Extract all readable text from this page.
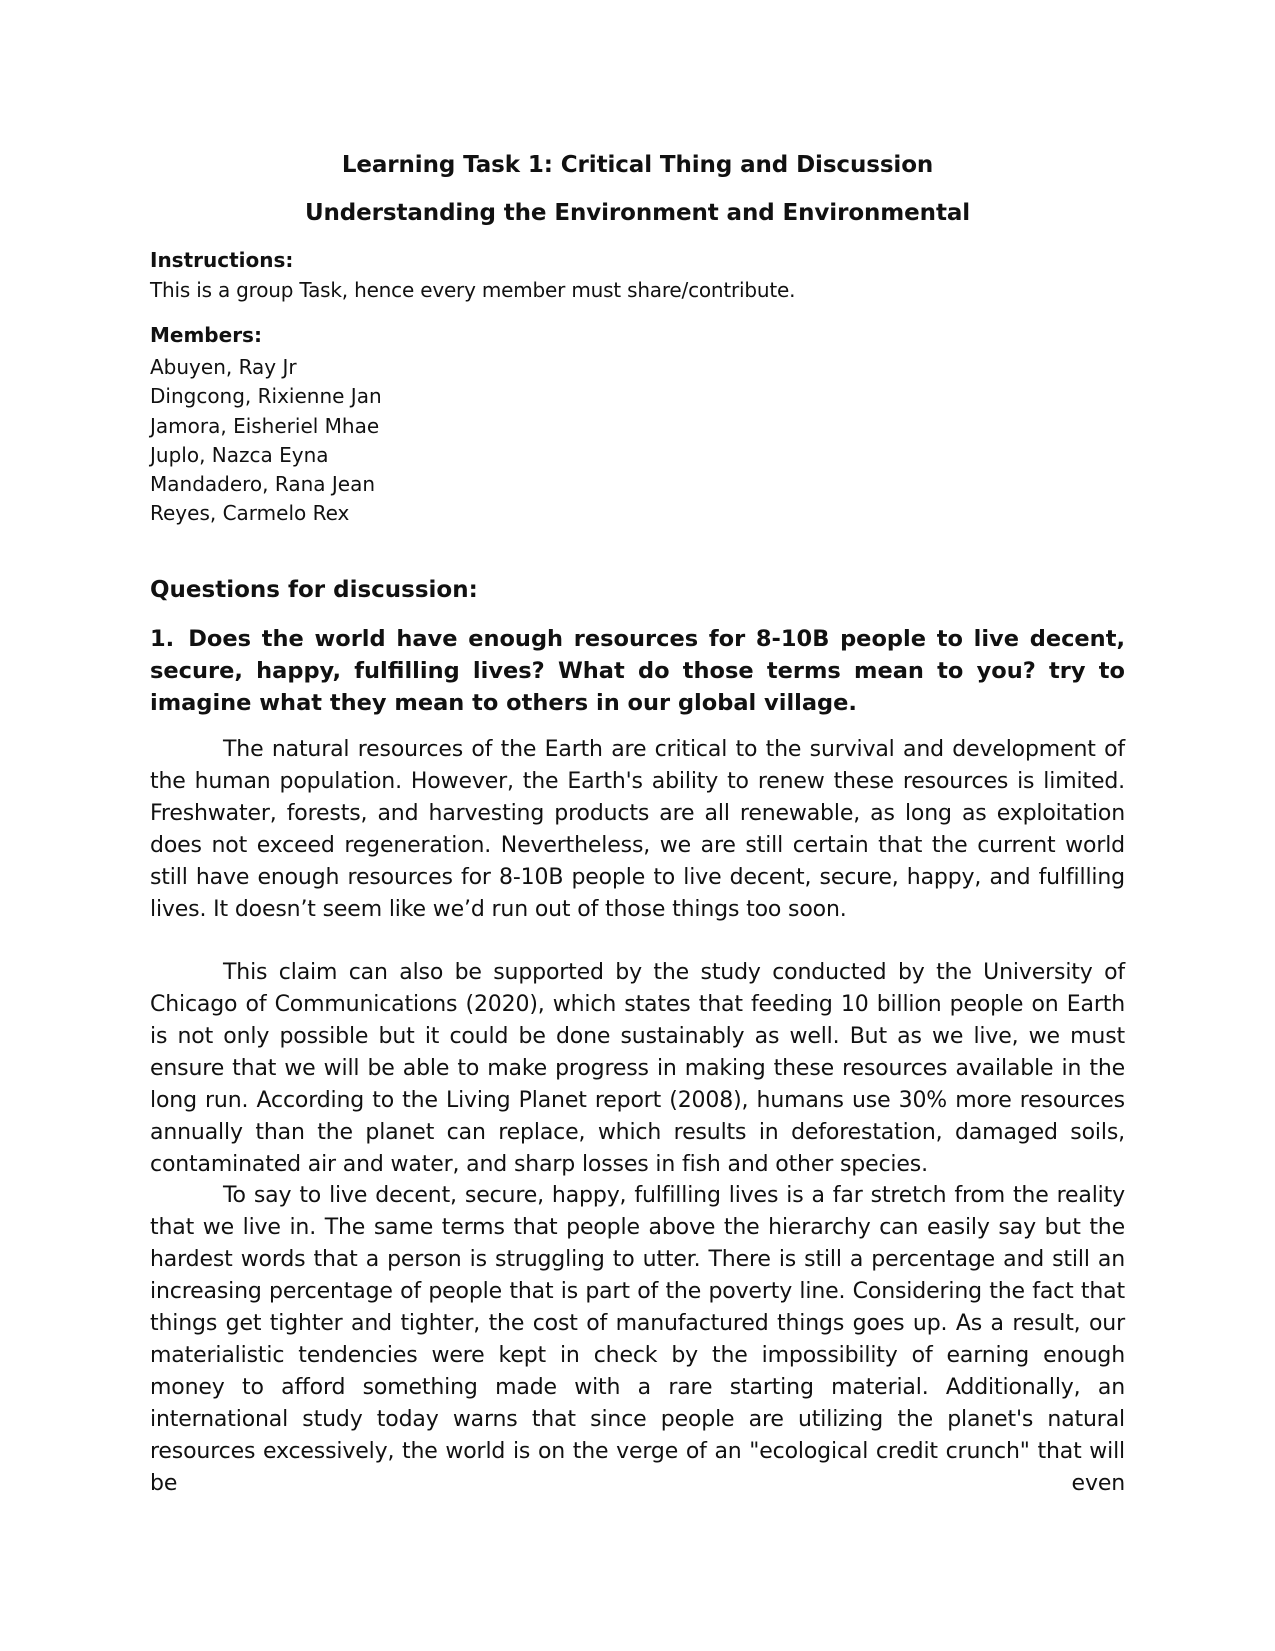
Learning Task 1: Critical Thing and Discussion
Understanding the Environment and Environmental

Instructions:

This is a group Task, hence every member must share/contribute.

Members:

Abuyen, Ray Jr
Dingcong, Rixienne Jan
Jamora, Eisheriel Mhae
Juplo, Nazca Eyna
Mandadero, Rana Jean
Reyes, Carmelo Rex
Questions for discussion:

1. Does the world have enough resources for 8-10B people to live decent, secure, happy, fulfilling lives? What do those terms mean to you? try to imagine what they mean to others in our global village.

The natural resources of the Earth are critical to the survival and development of the human population. However, the Earth's ability to renew these resources is limited. Freshwater, forests, and harvesting products are all renewable, as long as exploitation does not exceed regeneration. Nevertheless, we are still certain that the current world still have enough resources for 8-10B people to live decent, secure, happy, and fulfilling lives. It doesn’t seem like we’d run out of those things too soon.

This claim can also be supported by the study conducted by the University of Chicago of Communications (2020), which states that feeding 10 billion people on Earth is not only possible but it could be done sustainably as well. But as we live, we must ensure that we will be able to make progress in making these resources available in the long run. According to the Living Planet report (2008), humans use 30% more resources annually than the planet can replace, which results in deforestation, damaged soils, contaminated air and water, and sharp losses in fish and other species.

To say to live decent, secure, happy, fulfilling lives is a far stretch from the reality that we live in. The same terms that people above the hierarchy can easily say but the hardest words that a person is struggling to utter. There is still a percentage and still an increasing percentage of people that is part of the poverty line. Considering the fact that things get tighter and tighter, the cost of manufactured things goes up. As a result, our materialistic tendencies were kept in check by the impossibility of earning enough money to afford something made with a rare starting material. Additionally, an international study today warns that since people are utilizing the planet's natural resources excessively, the world is on the verge of an "ecological credit crunch" that will be even
